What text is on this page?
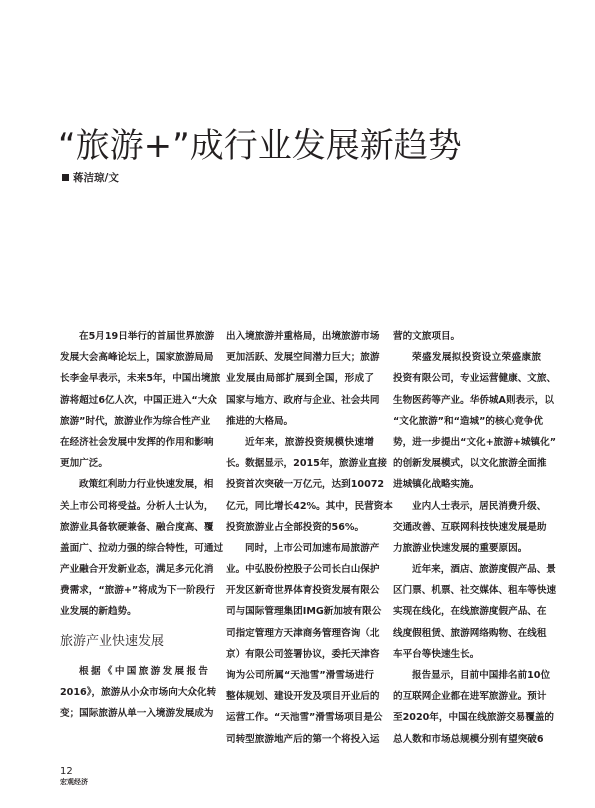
“旅游+”成行业发展新趋势
蒋洁琼/文
在5月19日举行的首届世界旅游
发展大会高峰论坛上，国家旅游局局
长李金早表示，未来5年，中国出境旅
游将超过6亿人次，中国正进入“大众
旅游”时代，旅游业作为综合性产业
在经济社会发展中发挥的作用和影响
更加广泛。
政策红利助力行业快速发展，相
关上市公司将受益。分析人士认为，
旅游业具备软硬兼备、融合度高、覆
盖面广、拉动力强的综合特性，可通过
产业融合开发新业态，满足多元化消
费需求，“旅游+”将成为下一阶段行
业发展的新趋势。
旅游产业快速发展
根据《中国旅游发展报告
2016》，旅游从小众市场向大众化转
变；国际旅游从单一入境游发展成为
出入境旅游并重格局，出境旅游市场
更加活跃、发展空间潜力巨大；旅游
业发展由局部扩展到全国，形成了
国家与地方、政府与企业、社会共同
推进的大格局。
近年来，旅游投资规模快速增
长。数据显示，2015年，旅游业直接
投资首次突破一万亿元，达到10072
亿元，同比增长42%。其中，民营资本
投资旅游业占全部投资的56%。
同时，上市公司加速布局旅游产
业。中弘股份控股子公司长白山保护
开发区新奇世界体育投资发展有限公
司与国际管理集团IMG新加坡有限公
司指定管理方天津商务管理咨询（北
京）有限公司签署协议，委托天津咨
询为公司所属“天池雪”滑雪场进行
整体规划、建设开发及项目开业后的
运营工作。“天池雪”滑雪场项目是公
司转型旅游地产后的第一个将投入运
营的文旅项目。
荣盛发展拟投资设立荣盛康旅
投资有限公司，专业运营健康、文旅、
生物医药等产业。华侨城A则表示，以
“文化旅游”和“造城”的核心竞争优
势，进一步提出“文化+旅游+城镇化”
的创新发展模式，以文化旅游全面推
进城镇化战略实施。
业内人士表示，居民消费升级、
交通改善、互联网科技快速发展是助
力旅游业快速发展的重要原因。
近年来，酒店、旅游度假产品、景
区门票、机票、社交媒体、租车等快速
实现在线化，在线旅游度假产品、在
线度假租赁、旅游网络购物、在线租
车平台等快速生长。
报告显示，目前中国排名前10位
的互联网企业都在进军旅游业。预计
至2020年，中国在线旅游交易覆盖的
总人数和市场总规模分别有望突破6
12
宏观经济
